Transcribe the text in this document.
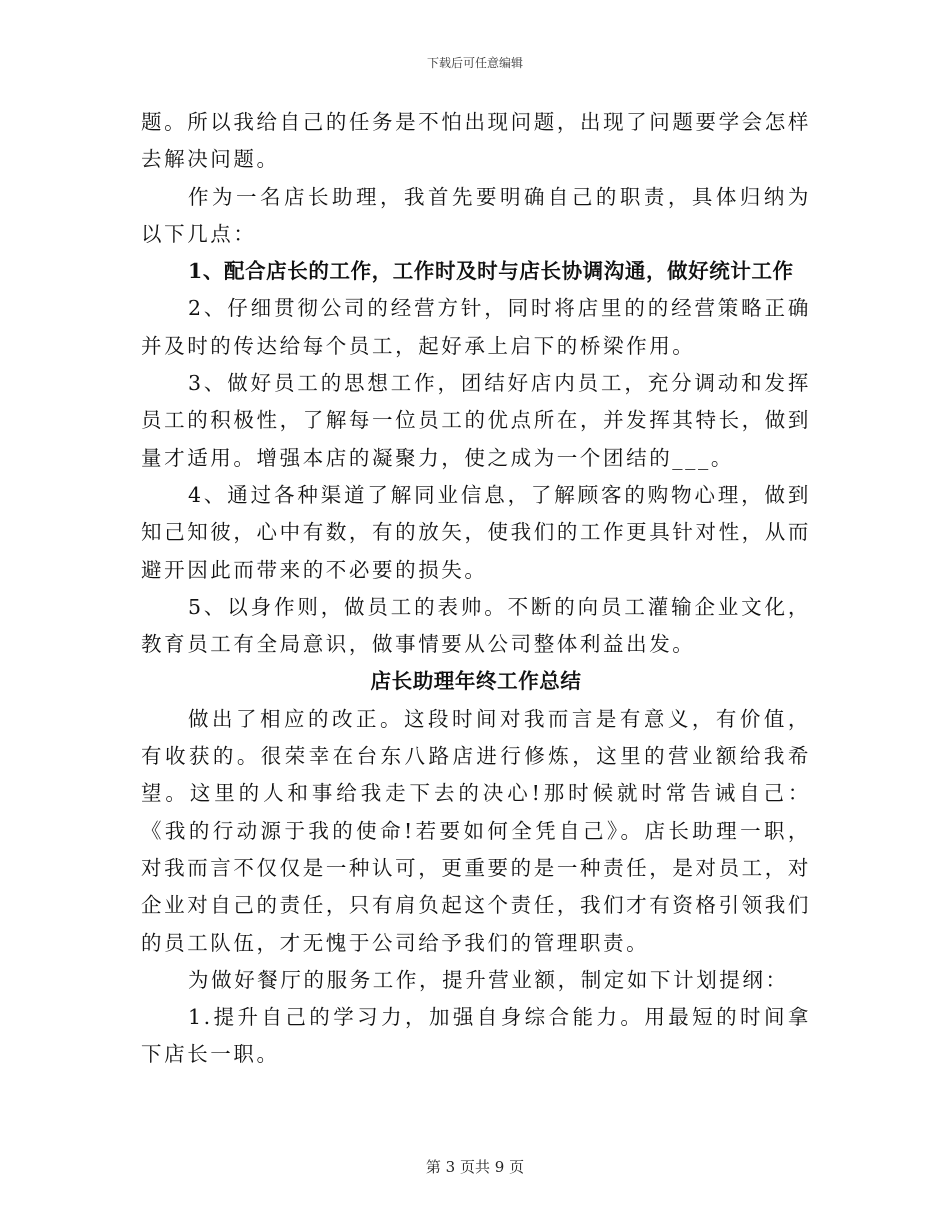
下载后可任意编辑

题。所以我给自己的任务是不怕出现问题，出现了问题要学会怎样去解决问题。

作为一名店长助理，我首先要明确自己的职责，具体归纳为以下几点：

1、配合店长的工作，工作时及时与店长协调沟通，做好统计工作

2、仔细贯彻公司的经营方针，同时将店里的的经营策略正确并及时的传达给每个员工，起好承上启下的桥梁作用。

3、做好员工的思想工作，团结好店内员工，充分调动和发挥员工的积极性，了解每一位员工的优点所在，并发挥其特长，做到量才适用。增强本店的凝聚力，使之成为一个团结的___。

4、通过各种渠道了解同业信息，了解顾客的购物心理，做到知己知彼，心中有数，有的放矢，使我们的工作更具针对性，从而避开因此而带来的不必要的损失。

5、以身作则，做员工的表帅。不断的向员工灌输企业文化，教育员工有全局意识，做事情要从公司整体利益出发。

店长助理年终工作总结

做出了相应的改正。这段时间对我而言是有意义，有价值，有收获的。很荣幸在台东八路店进行修炼，这里的营业额给我希望。这里的人和事给我走下去的决心!那时候就时常告诫自己：《我的行动源于我的使命!若要如何全凭自己》。店长助理一职，对我而言不仅仅是一种认可，更重要的是一种责任，是对员工，对企业对自己的责任，只有肩负起这个责任，我们才有资格引领我们的员工队伍，才无愧于公司给予我们的管理职责。

为做好餐厅的服务工作，提升营业额，制定如下计划提纲：

1.提升自己的学习力，加强自身综合能力。用最短的时间拿下店长一职。

第 3 页共 9 页
